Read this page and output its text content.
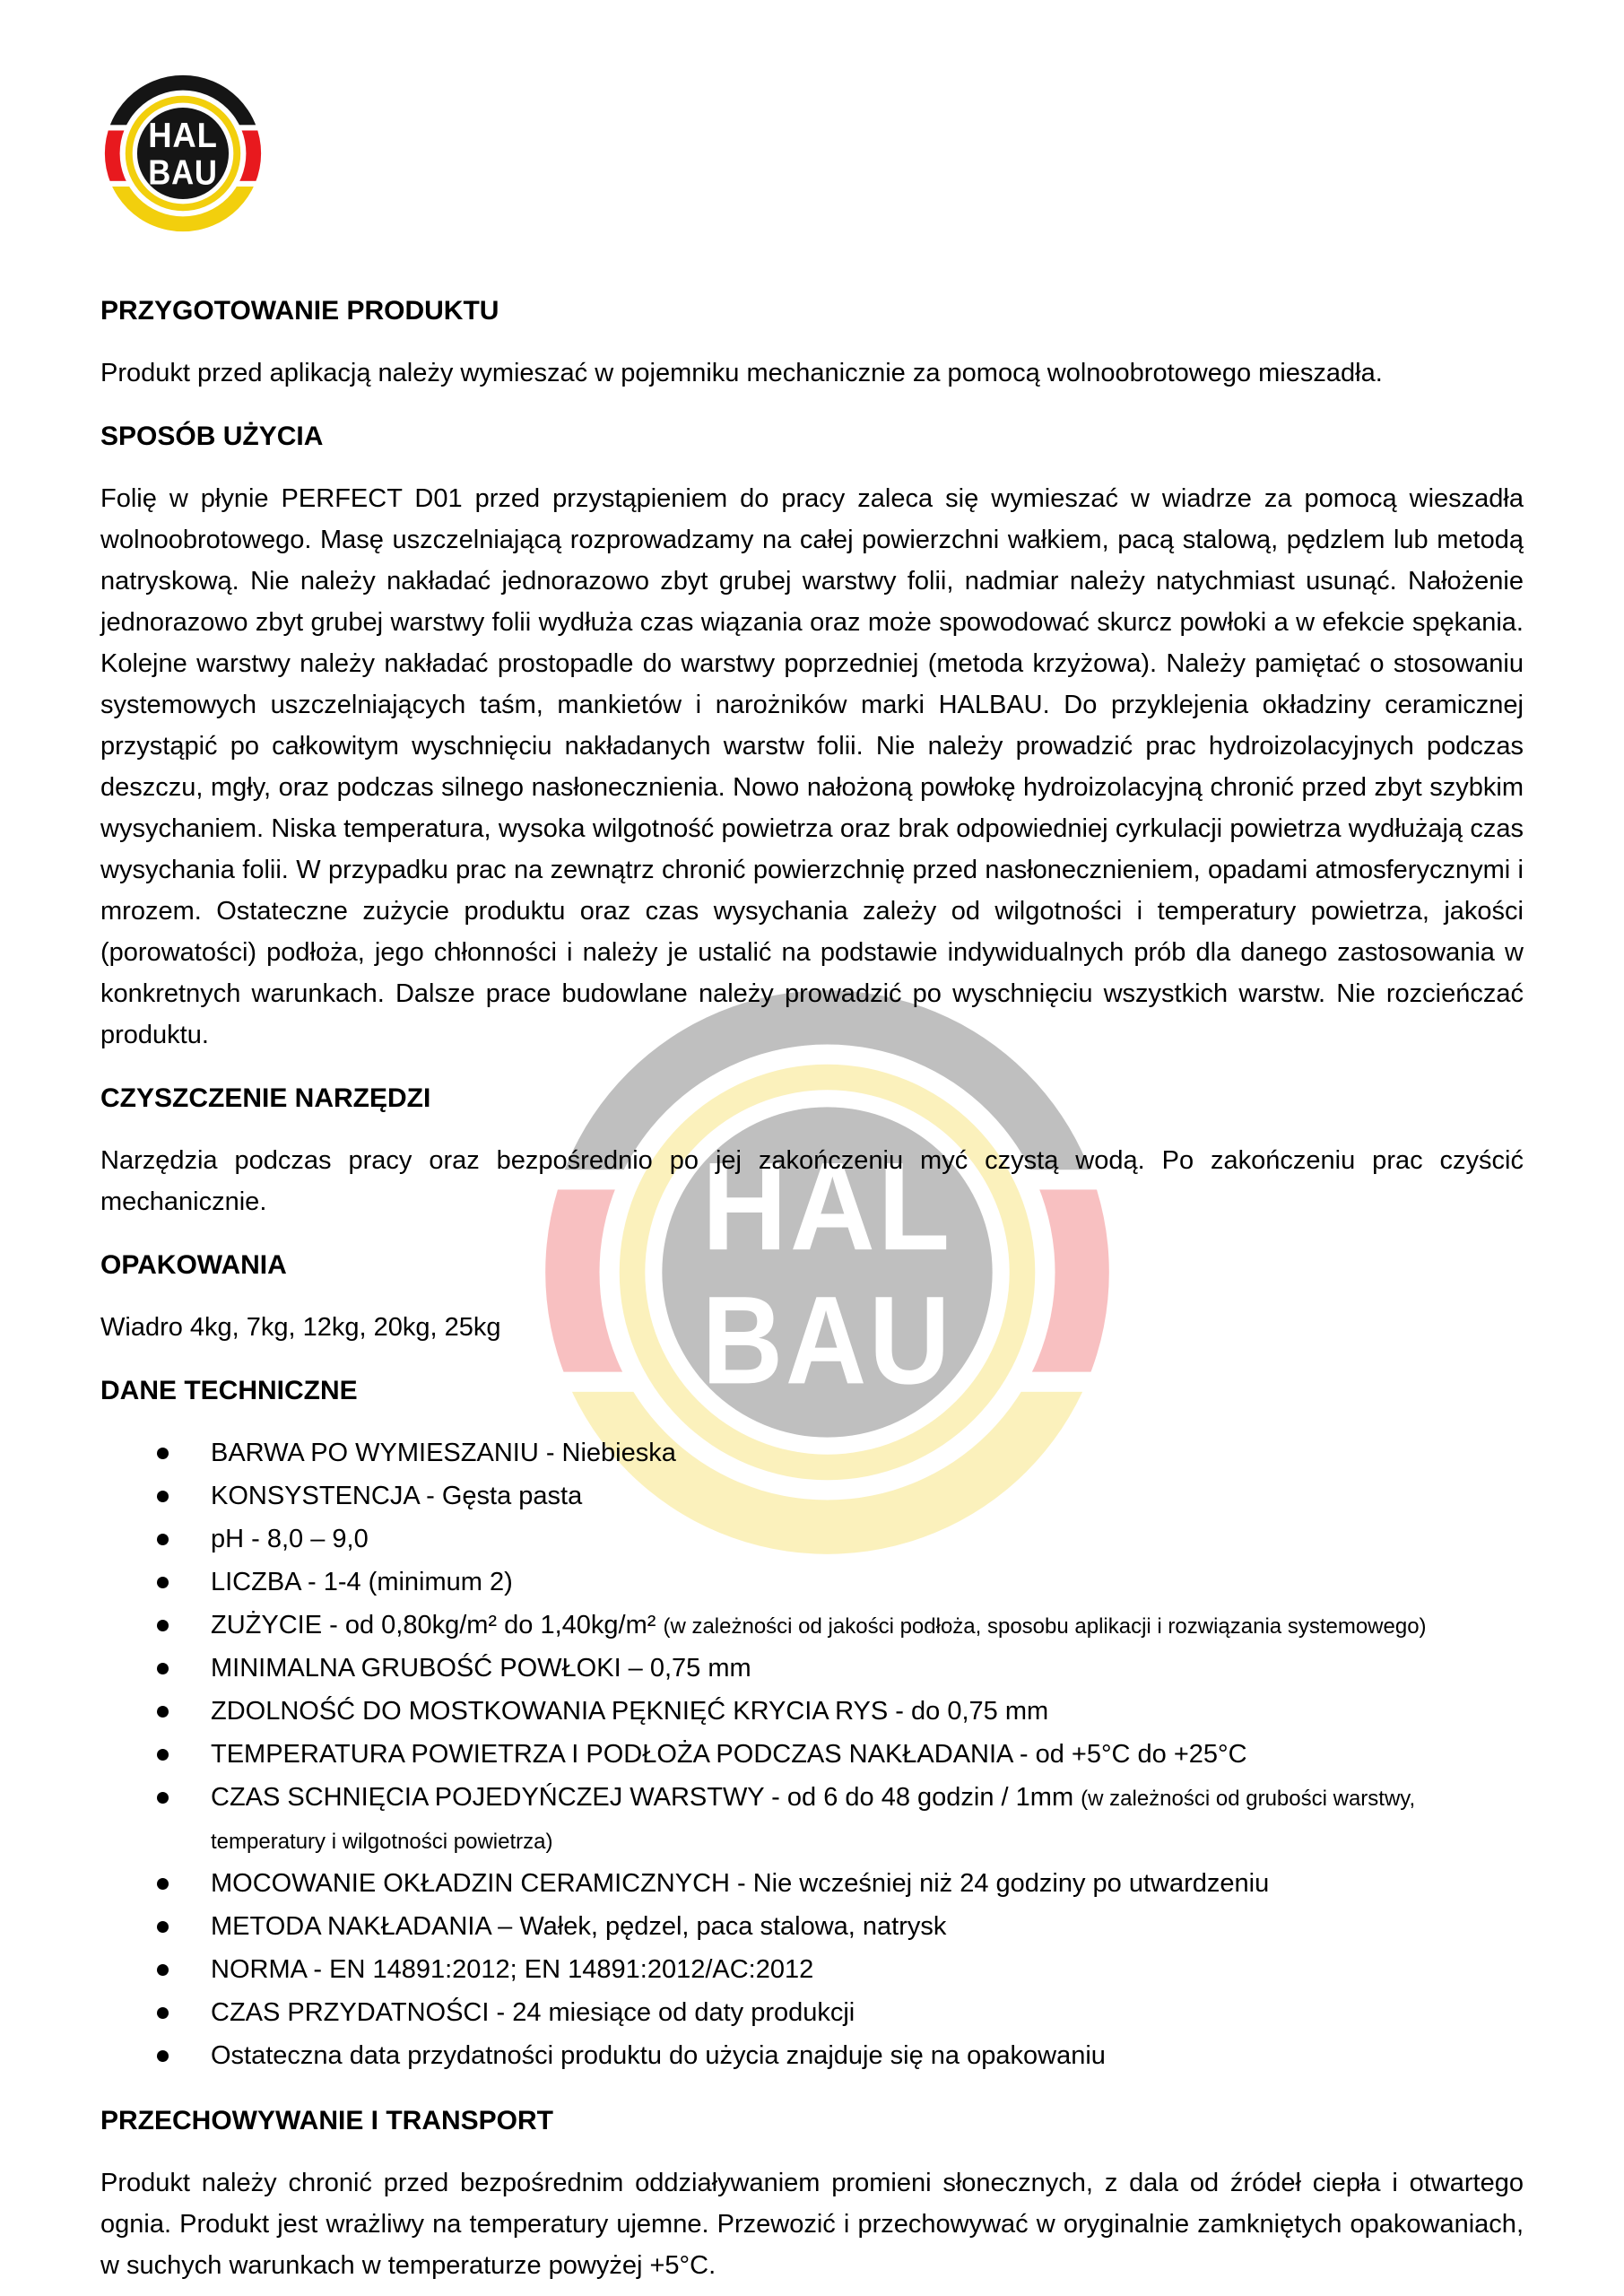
HAL
BAU
HAL
BAU
PRZYGOTOWANIE PRODUKTU

Produkt przed aplikacją należy wymieszać w pojemniku mechanicznie za pomocą wolnoobrotowego mieszadła.

SPOSÓB UŻYCIA

Folię w płynie PERFECT D01 przed przystąpieniem do pracy zaleca się wymieszać w wiadrze za pomocą wieszadła wolnoobrotowego. Masę uszczelniającą rozprowadzamy na całej powierzchni wałkiem, pacą stalową, pędzlem lub metodą natryskową. Nie należy nakładać jednorazowo zbyt grubej warstwy folii, nadmiar należy natychmiast usunąć. Nałożenie jednorazowo zbyt grubej warstwy folii wydłuża czas wiązania oraz może spowodować skurcz powłoki a w efekcie spękania. Kolejne warstwy należy nakładać prostopadle do warstwy poprzedniej (metoda krzyżowa). Należy pamiętać o stosowaniu systemowych uszczelniających taśm, mankietów i narożników marki HALBAU. Do przyklejenia okładziny ceramicznej przystąpić po całkowitym wyschnięciu nakładanych warstw folii. Nie należy prowadzić prac hydroizolacyjnych podczas deszczu, mgły, oraz podczas silnego nasłonecznienia. Nowo nałożoną powłokę hydroizolacyjną chronić przed zbyt szybkim wysychaniem. Niska temperatura, wysoka wilgotność powietrza oraz brak odpowiedniej cyrkulacji powietrza wydłużają czas wysychania folii. W przypadku prac na zewnątrz chronić powierzchnię przed nasłonecznieniem, opadami atmosferycznymi i mrozem. Ostateczne zużycie produktu oraz czas wysychania zależy od wilgotności i temperatury powietrza, jakości (porowatości) podłoża, jego chłonności i należy je ustalić na podstawie indywidualnych prób dla danego zastosowania w konkretnych warunkach. Dalsze prace budowlane należy prowadzić po wyschnięciu wszystkich warstw. Nie rozcieńczać produktu.

CZYSZCZENIE NARZĘDZI

Narzędzia podczas pracy oraz bezpośrednio po jej zakończeniu myć czystą wodą. Po zakończeniu prac czyścić mechanicznie.

OPAKOWANIA

Wiadro 4kg, 7kg, 12kg, 20kg, 25kg

DANE TECHNICZNE
BARWA PO WYMIESZANIU - Niebieska
KONSYSTENCJA - Gęsta pasta
pH - 8,0 – 9,0
LICZBA - 1-4 (minimum 2)
ZUŻYCIE - od 0,80kg/m² do 1,40kg/m² (w zależności od jakości podłoża, sposobu aplikacji i rozwiązania systemowego)
MINIMALNA GRUBOŚĆ POWŁOKI – 0,75 mm
ZDOLNOŚĆ DO MOSTKOWANIA PĘKNIĘĆ KRYCIA RYS - do 0,75 mm
TEMPERATURA POWIETRZA I PODŁOŻA PODCZAS NAKŁADANIA - od +5°C do +25°C
CZAS SCHNIĘCIA POJEDYŃCZEJ WARSTWY - od 6 do 48 godzin / 1mm (w zależności od grubości warstwy, temperatury i wilgotności powietrza)
MOCOWANIE OKŁADZIN CERAMICZNYCH - Nie wcześniej niż 24 godziny po utwardzeniu
METODA NAKŁADANIA – Wałek, pędzel, paca stalowa, natrysk
NORMA - EN 14891:2012; EN 14891:2012/AC:2012
CZAS PRZYDATNOŚCI - 24 miesiące od daty produkcji
Ostateczna data przydatności produktu do użycia znajduje się na opakowaniu
PRZECHOWYWANIE I TRANSPORT

Produkt należy chronić przed bezpośrednim oddziaływaniem promieni słonecznych, z dala od źródeł ciepła i otwartego ognia. Produkt jest wrażliwy na temperatury ujemne. Przewozić i przechowywać w oryginalnie zamkniętych opakowaniach, w suchych warunkach w temperaturze powyżej +5°C.
